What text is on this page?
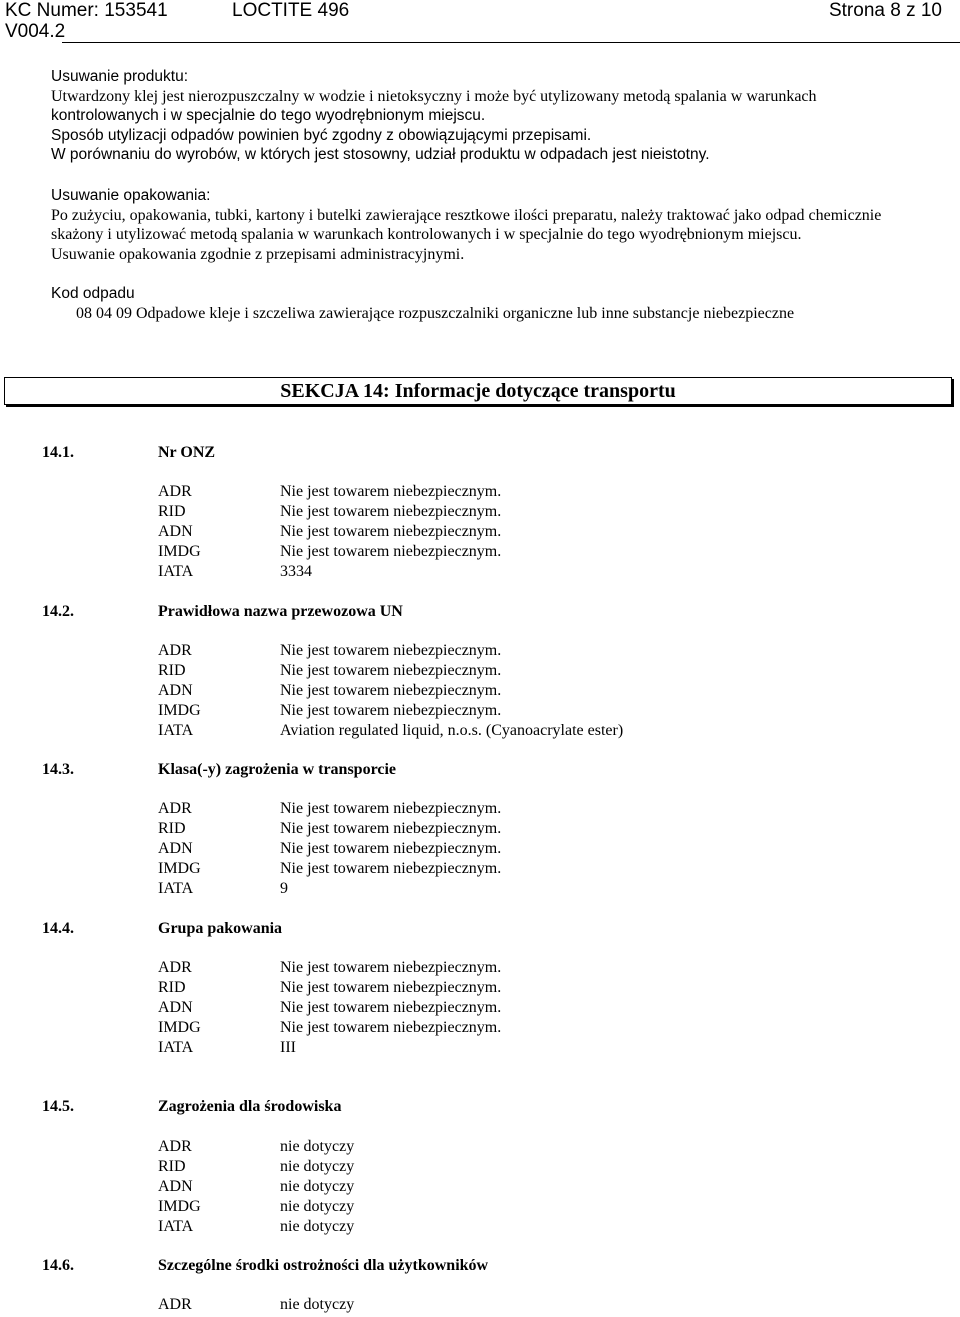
KC Numer: 153541	LOCTITE 496	Strona 8 z 10
V004.2
Usuwanie produktu:
Utwardzony klej jest nierozpuszczalny w wodzie i nietoksyczny i może być utylizowany metodą spalania w warunkach
kontrolowanych i w specjalnie do tego wyodrębnionym miejscu.
Sposób utylizacji odpadów powinien być zgodny z obowiązującymi przepisami.
W porównaniu do wyrobów, w których jest stosowny, udział produktu w odpadach jest nieistotny.
Usuwanie opakowania:
Po zużyciu, opakowania, tubki, kartony i butelki zawierające resztkowe ilości preparatu, należy traktować jako odpad chemicznie
skażony i utylizować metodą spalania w warunkach kontrolowanych i w specjalnie do tego wyodrębnionym miejscu.
Usuwanie opakowania zgodnie z przepisami administracyjnymi.
Kod odpadu
08 04 09 Odpadowe kleje i szczeliwa zawierające rozpuszczalniki organiczne lub inne substancje niebezpieczne
SEKCJA 14: Informacje dotyczące transportu
14.1.	Nr ONZ
ADR	Nie jest towarem niebezpiecznym.
RID	Nie jest towarem niebezpiecznym.
ADN	Nie jest towarem niebezpiecznym.
IMDG	Nie jest towarem niebezpiecznym.
IATA	3334
14.2.	Prawidłowa nazwa przewozowa UN
ADR	Nie jest towarem niebezpiecznym.
RID	Nie jest towarem niebezpiecznym.
ADN	Nie jest towarem niebezpiecznym.
IMDG	Nie jest towarem niebezpiecznym.
IATA	Aviation regulated liquid, n.o.s. (Cyanoacrylate ester)
14.3.	Klasa(-y) zagrożenia w transporcie
ADR	Nie jest towarem niebezpiecznym.
RID	Nie jest towarem niebezpiecznym.
ADN	Nie jest towarem niebezpiecznym.
IMDG	Nie jest towarem niebezpiecznym.
IATA	9
14.4.	Grupa pakowania
ADR	Nie jest towarem niebezpiecznym.
RID	Nie jest towarem niebezpiecznym.
ADN	Nie jest towarem niebezpiecznym.
IMDG	Nie jest towarem niebezpiecznym.
IATA	III
14.5.	Zagrożenia dla środowiska
ADR	nie dotyczy
RID	nie dotyczy
ADN	nie dotyczy
IMDG	nie dotyczy
IATA	nie dotyczy
14.6.	Szczególne środki ostrożności dla użytkowników
ADR	nie dotyczy
